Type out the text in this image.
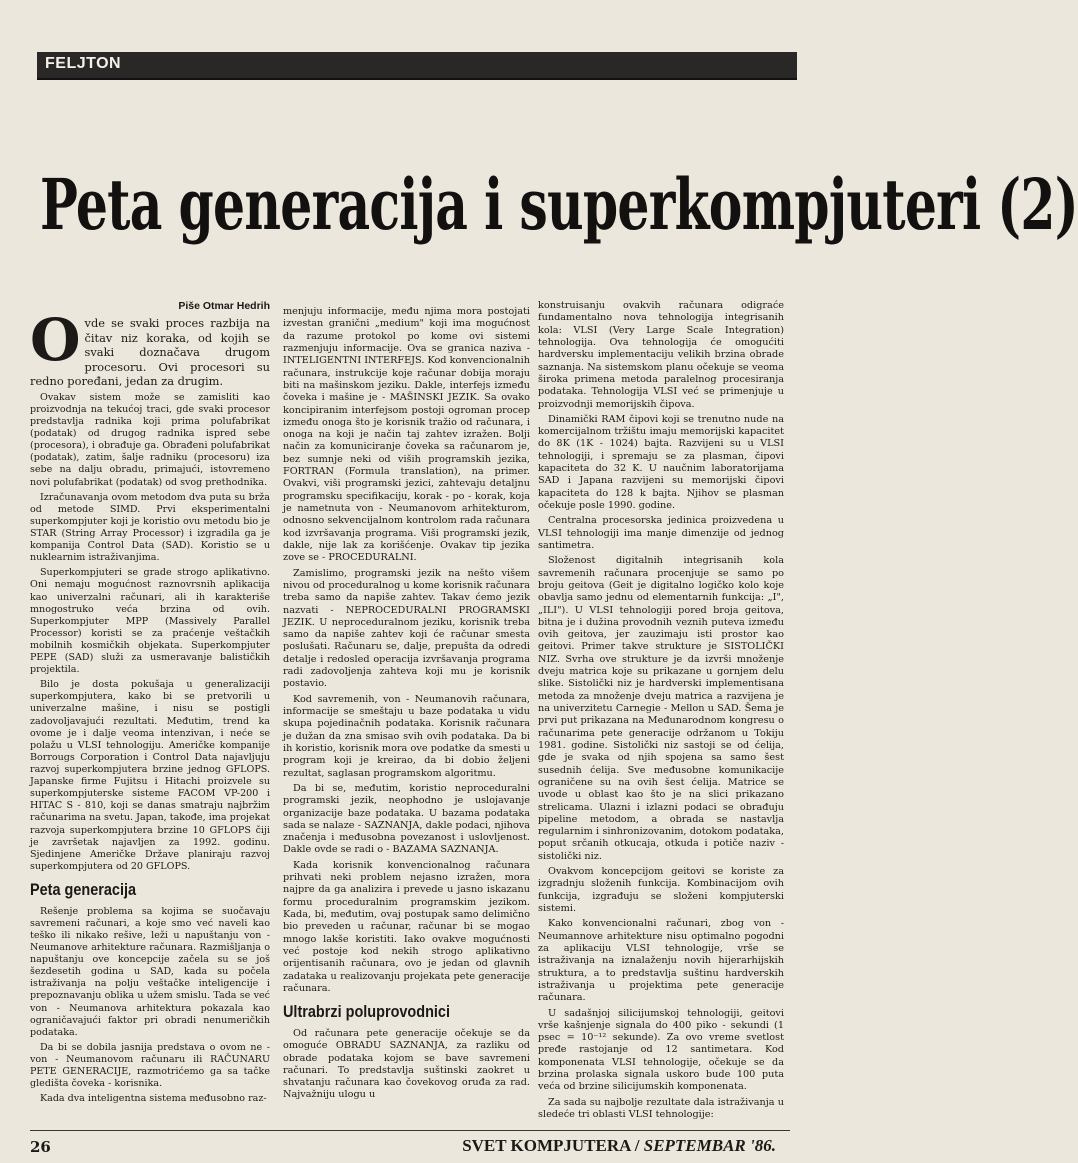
FELJTON
Peta generacija i superkompjuteri (2)

Piše Otmar Hedrih

Ovde se svaki proces razbija na čitav niz koraka, od kojih se svaki doznačava drugom procesoru. Ovi procesori su redno poređani, jedan za drugim.

Ovakav sistem može se zamisliti kao proizvodnja na tekućoj traci, gde svaki procesor predstavlja radnika koji prima polufabrikat (podatak) od drugog radnika ispred sebe (procesora), i obrađuje ga. Obrađeni polufabrikat (podatak), zatim, šalje radniku (procesoru) iza sebe na dalju obradu, primajući, istovremeno novi polufabrikat (podatak) od svog prethodnika.

Izračunavanja ovom metodom dva puta su brža od metode SIMD. Prvi eksperimentalni superkompjuter koji je koristio ovu metodu bio je STAR (String Array Processor) i izgradila ga je kompanija Control Data (SAD). Koristio se u nuklearnim istraživanjima.

Superkompjuteri se grade strogo aplikativno. Oni nemaju mogućnost raznovrsnih aplikacija kao univerzalni računari, ali ih karakteriše mnogostruko veća brzina od ovih. Superkompjuter MPP (Massively Parallel Processor) koristi se za praćenje veštačkih mobilnih kosmičkih objekata. Superkompjuter PEPE (SAD) služi za usmeravanje balističkih projektila.

Bilo je dosta pokušaja u generalizaciji superkompjutera, kako bi se pretvorili u univerzalne mašine, i nisu se postigli zadovoljavajući rezultati. Međutim, trend ka ovome je i dalje veoma intenzivan, i neće se polažu u VLSI tehnologiju. Američke kompanije Borrougs Corporation i Control Data najavljuju razvoj superkompjutera brzine jednog GFLOPS. Japanske firme Fujitsu i Hitachi proizvele su superkompjuterske sisteme FACOM VP-200 i HITAC S - 810, koji se danas smatraju najbržim računarima na svetu. Japan, takođe, ima projekat razvoja superkompjutera brzine 10 GFLOPS čiji je završetak najavljen za 1992. godinu. Sjedinjene Američke Države planiraju razvoj superkompjutera od 20 GFLOPS.

Peta generacija

Rešenje problema sa kojima se suočavaju savremeni računari, a koje smo već naveli kao teško ili nikako rešive, leži u napuštanju von - Neumanove arhitekture računara. Razmišljanja o napuštanju ove koncepcije začela su se još šezdesetih godina u SAD, kada su počela istraživanja na polju veštačke inteligencije i prepoznavanju oblika u užem smislu. Tada se već von - Neumanova arhitektura pokazala kao ograničavajući faktor pri obradi nenumeričkih podataka.

Da bi se dobila jasnija predstava o ovom ne - von - Neumanovom računaru ili RAČUNARU PETE GENERACIJE, razmotrićemo ga sa tačke gledišta čoveka - korisnika.

Kada dva inteligentna sistema međusobno raz-

menjuju informacije, među njima mora postojati izvestan granični „medium" koji ima mogućnost da razume protokol po kome ovi sistemi razmenjuju informacije. Ova se granica naziva - INTELIGENTNI INTERFEJS. Kod konvencionalnih računara, instrukcije koje računar dobija moraju biti na mašinskom jeziku. Dakle, interfejs između čoveka i mašine je - MAŠINSKI JEZIK. Sa ovako koncipiranim interfejsom postoji ogroman procep između onoga što je korisnik tražio od računara, i onoga na koji je način taj zahtev izražen. Bolji način za komuniciranje čoveka sa računarom je, bez sumnje neki od viših programskih jezika, FORTRAN (Formula translation), na primer. Ovakvi, viši programski jezici, zahtevaju detaljnu programsku specifikaciju, korak - po - korak, koja je nametnuta von - Neumanovom arhitekturom, odnosno sekvencijalnom kontrolom rada računara kod izvršavanja programa. Viši programski jezik, dakle, nije lak za korišćenje. Ovakav tip jezika zove se - PROCEDURALNI.

Zamislimo, programski jezik na nešto višem nivou od proceduralnog u kome korisnik računara treba samo da napiše zahtev. Takav ćemo jezik nazvati - NEPROCEDURALNI PROGRAMSKI JEZIK. U neproceduralnom jeziku, korisnik treba samo da napiše zahtev koji će računar smesta poslušati. Računaru se, dalje, prepušta da odredi detalje i redosled operacija izvršavanja programa radi zadovoljenja zahteva koji mu je korisnik postavio.

Kod savremenih, von - Neumanovih računara, informacije se smeštaju u baze podataka u vidu skupa pojedinačnih podataka. Korisnik računara je dužan da zna smisao svih ovih podataka. Da bi ih koristio, korisnik mora ove podatke da smesti u program koji je kreirao, da bi dobio željeni rezultat, saglasan programskom algoritmu.

Da bi se, međutim, koristio neproceduralni programski jezik, neophodno je uslojavanje organizacije baze podataka. U bazama podataka sada se nalaze - SAZNANJA, dakle podaci, njihova značenja i međusobna povezanost i uslovljenost. Dakle ovde se radi o - BAZAMA SAZNANJA.

Kada korisnik konvencionalnog računara prihvati neki problem nejasno izražen, mora najpre da ga analizira i prevede u jasno iskazanu formu proceduralnim programskim jezikom. Kada, bi, međutim, ovaj postupak samo delimično bio preveden u računar, računar bi se mogao mnogo lakše koristiti. Iako ovakve mogućnosti već postoje kod nekih strogo aplikativno orijentisanih računara, ovo je jedan od glavnih zadataka u realizovanju projekata pete generacije računara.

Ultrabrzi poluprovodnici

Od računara pete generacije očekuje se da omoguće OBRADU SAZNANJA, za razliku od obrade podataka kojom se bave savremeni računari. To predstavlja suštinski zaokret u shvatanju računara kao čovekovog oruđa za rad. Najvažniju ulogu u

konstruisanju ovakvih računara odigraće fundamentalno nova tehnologija integrisanih kola: VLSI (Very Large Scale Integration) tehnologija. Ova tehnologija će omogućiti hardversku implementaciju velikih brzina obrade saznanja. Na sistemskom planu očekuje se veoma široka primena metoda paralelnog procesiranja podataka. Tehnologija VLSI već se primenjuje u proizvodnji memorijskih čipova.

Dinamički RAM čipovi koji se trenutno nude na komercijalnom tržištu imaju memorijski kapacitet do 8K (1K - 1024) bajta. Razvijeni su u VLSI tehnologiji, i spremaju se za plasman, čipovi kapaciteta do 32 K. U naučnim laboratorijama SAD i Japana razvijeni su memorijski čipovi kapaciteta do 128 k bajta. Njihov se plasman očekuje posle 1990. godine.

Centralna procesorska jedinica proizvedena u VLSI tehnologiji ima manje dimenzije od jednog santimetra.

Složenost digitalnih integrisanih kola savremenih računara procenjuje se samo po broju geitova (Geit je digitalno logičko kolo koje obavlja samo jednu od elementarnih funkcija: „I", „ILI"). U VLSI tehnologiji pored broja geitova, bitna je i dužina provodnih veznih puteva između ovih geitova, jer zauzimaju isti prostor kao geitovi. Primer takve strukture je SISTOLIČKI NIZ. Svrha ove strukture je da izvrši množenje dveju matrica koje su prikazane u gornjem delu slike. Sistolički niz je hardverski implementisana metoda za množenje dveju matrica a razvijena je na univerzitetu Carnegie - Mellon u SAD. Šema je prvi put prikazana na Međunarodnom kongresu o računarima pete generacije održanom u Tokiju 1981. godine. Sistolički niz sastoji se od ćelija, gde je svaka od njih spojena sa samo šest susednih ćelija. Sve međusobne komunikacije ograničene su na ovih šest ćelija. Matrice se uvode u oblast kao što je na slici prikazano strelicama. Ulazni i izlazni podaci se obrađuju pipeline metodom, a obrada se nastavlja regularnim i sinhronizovanim, dotokom podataka, poput srčanih otkucaja, otkuda i potiče naziv - sistolički niz.

Ovakvom koncepcijom geitovi se koriste za izgradnju složenih funkcija. Kombinacijom ovih funkcija, izgrađuju se složeni kompjuterski sistemi.

Kako konvencionalni računari, zbog von - Neumannove arhitekture nisu optimalno pogodni za aplikaciju VLSI tehnologije, vrše se istraživanja na iznalaženju novih hijerarhijskih struktura, a to predstavlja suštinu hardverskih istraživanja u projektima pete generacije računara.

U sadašnjoj silicijumskoj tehnologiji, geitovi vrše kašnjenje signala do 400 piko - sekundi (1 psec = 10⁻¹² sekunde). Za ovo vreme svetlost pređe rastojanje od 12 santimetara. Kod komponenata VLSI tehnologije, očekuje se da brzina prolaska signala uskoro bude 100 puta veća od brzine silicijumskih komponenata.

Za sada su najbolje rezultate dala istraživanja u sledeće tri oblasti VLSI tehnologije:

26	SVET KOMPJUTERA / SEPTEMBAR '86.
